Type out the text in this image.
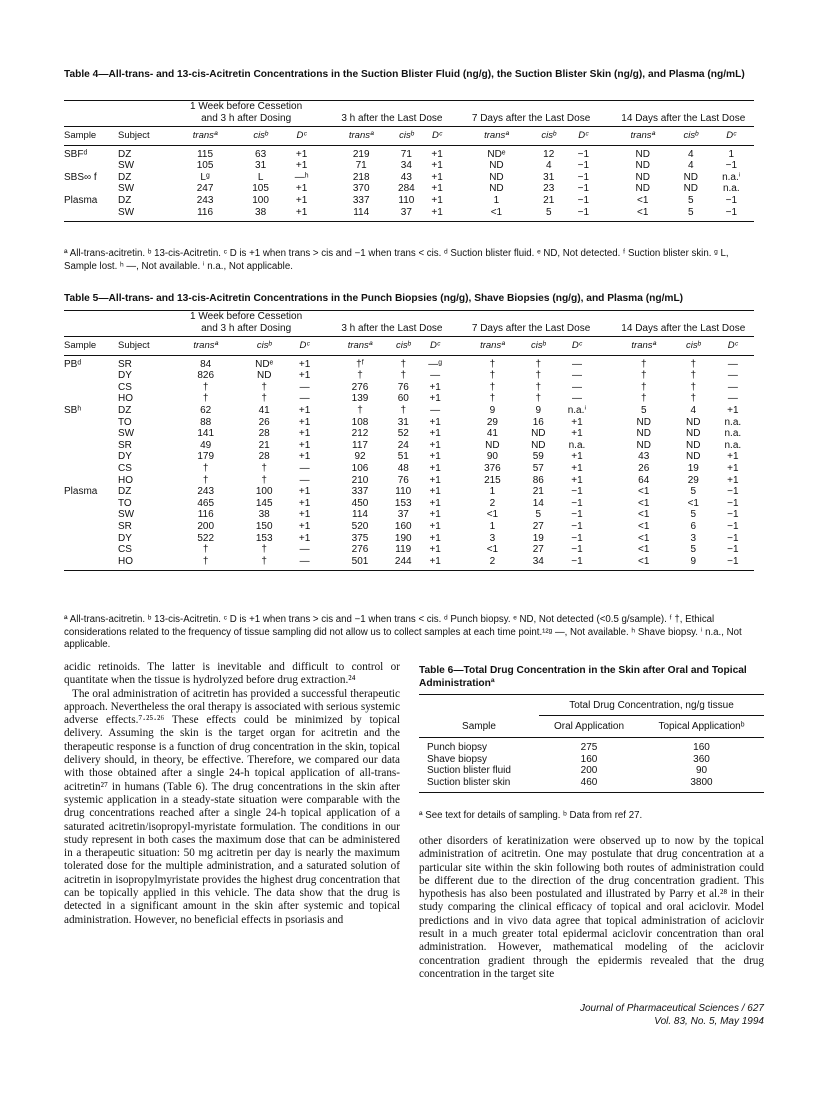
Table 4—All-trans- and 13-cis-Acitretin Concentrations in the Suction Blister Fluid (ng/g), the Suction Blister Skin (ng/g), and Plasma (ng/mL)
		1 Week before Cessetion and 3 h after Dosing				3 h after the Last Dose				7 Days after the Last Dose				14 Days after the Last Dose		
Sample	Subject	transª	cisᵇ	Dᶜ		transª	cisᵇ	Dᶜ		transª	cisᵇ	Dᶜ		transª	cisᵇ	Dᶜ
SBFᵈ	DZ	115	63	+1		219	71	+1		NDᵉ	12	−1		ND	4	1
	SW	105	31	+1		71	34	+1		ND	4	−1		ND	4	−1
SBS∞ f	DZ	Lᵍ	L	—ʰ		218	43	+1		ND	31	−1		ND	ND	n.a.ⁱ
	SW	247	105	+1		370	284	+1		ND	23	−1		ND	ND	n.a.
Plasma	DZ	243	100	+1		337	110	+1		1	21	−1		<1	5	−1
	SW	116	38	+1		114	37	+1		<1	5	−1		<1	5	−1
ª All-trans-acitretin. ᵇ 13-cis-Acitretin. ᶜ D is +1 when trans > cis and −1 when trans < cis. ᵈ Suction blister fluid. ᵉ ND, Not detected. ᶠ Suction blister skin. ᵍ L, Sample lost. ʰ —, Not available. ⁱ n.a., Not applicable.
Table 5—All-trans- and 13-cis-Acitretin Concentrations in the Punch Biopsies (ng/g), Shave Biopsies (ng/g), and Plasma (ng/mL)
		1 Week before Cessetion and 3 h after Dosing				3 h after the Last Dose				7 Days after the Last Dose				14 Days after the Last Dose		
Sample	Subject	transª	cisᵇ	Dᶜ		transª	cisᵇ	Dᶜ		transª	cisᵇ	Dᶜ		transª	cisᵇ	Dᶜ
PBᵈ	SR	84	NDᵉ	+1		†ᶠ	†	—ᵍ		†	†	—		†	†	—
	DY	826	ND	+1		†	†	—		†	†	—		†	†	—
	CS	†	†	—		276	76	+1		†	†	—		†	†	—
	HO	†	†	—		139	60	+1		†	†	—		†	†	—
SBʰ	DZ	62	41	+1		†	†	—		9	9	n.a.ⁱ		5	4	+1
	TO	88	26	+1		108	31	+1		29	16	+1		ND	ND	n.a.
	SW	141	28	+1		212	52	+1		41	ND	+1		ND	ND	n.a.
	SR	49	21	+1		117	24	+1		ND	ND	n.a.		ND	ND	n.a.
	DY	179	28	+1		92	51	+1		90	59	+1		43	ND	+1
	CS	†	†	—		106	48	+1		376	57	+1		26	19	+1
	HO	†	†	—		210	76	+1		215	86	+1		64	29	+1
Plasma	DZ	243	100	+1		337	110	+1		1	21	−1		<1	5	−1
	TO	465	145	+1		450	153	+1		2	14	−1		<1	<1	−1
	SW	116	38	+1		114	37	+1		<1	5	−1		<1	5	−1
	SR	200	150	+1		520	160	+1		1	27	−1		<1	6	−1
	DY	522	153	+1		375	190	+1		3	19	−1		<1	3	−1
	CS	†	†	—		276	119	+1		<1	27	−1		<1	5	−1
	HO	†	†	—		501	244	+1		2	34	−1		<1	9	−1
ª All-trans-acitretin. ᵇ 13-cis-Acitretin. ᶜ D is +1 when trans > cis and −1 when trans < cis. ᵈ Punch biopsy. ᵉ ND, Not detected (<0.5 g/sample). ᶠ †, Ethical considerations related to the frequency of tissue sampling did not allow us to collect samples at each time point.¹²ᵍ —, Not available. ʰ Shave biopsy. ⁱ n.a., Not applicable.

acidic retinoids. The latter is inevitable and difficult to control or quantitate when the tissue is hydrolyzed before drug extraction.²⁴

The oral administration of acitretin has provided a successful therapeutic approach. Nevertheless the oral therapy is associated with serious systemic adverse effects.⁷·²⁵·²⁶ These effects could be minimized by topical delivery. Assuming the skin is the target organ for acitretin and the therapeutic response is a function of drug concentration in the skin, topical delivery should, in theory, be effective. Therefore, we compared our data with those obtained after a single 24-h topical application of all-trans-acitretin²⁷ in humans (Table 6). The drug concentrations in the skin after systemic application in a steady-state situation were comparable with the drug concentrations reached after a single 24-h topical application of a saturated acitretin/isopropyl-myristate formulation. The conditions in our study represent in both cases the maximum dose that can be administered in a therapeutic situation: 50 mg acitretin per day is nearly the maximum tolerated dose for the multiple administration, and a saturated solution of acitretin in isopropylmyristate provides the highest drug concentration that can be topically applied in this vehicle. The data show that the drug is detected in a significant amount in the skin after systemic and topical administration. However, no beneficial effects in psoriasis and

Table 6—Total Drug Concentration in the Skin after Oral and Topical Administrationª
	Total Drug Concentration, ng/g tissue	
Sample	Oral Application	Topical Applicationᵇ
Punch biopsy	275	160
Shave biopsy	160	360
Suction blister fluid	200	90
Suction blister skin	460	3800
ª See text for details of sampling. ᵇ Data from ref 27.

other disorders of keratinization were observed up to now by the topical administration of acitretin. One may postulate that drug concentration at a particular site within the skin following both routes of administration could be different due to the direction of the drug concentration gradient. This hypothesis has also been postulated and illustrated by Parry et al.²⁸ in their study comparing the clinical efficacy of topical and oral aciclovir. Model predictions and in vivo data agree that topical administration of aciclovir result in a much greater total epidermal aciclovir concentration than oral administration. However, mathematical modeling of the aciclovir concentration gradient through the epidermis revealed that the drug concentration in the target site

Journal of Pharmaceutical Sciences / 627
Vol. 83, No. 5, May 1994
